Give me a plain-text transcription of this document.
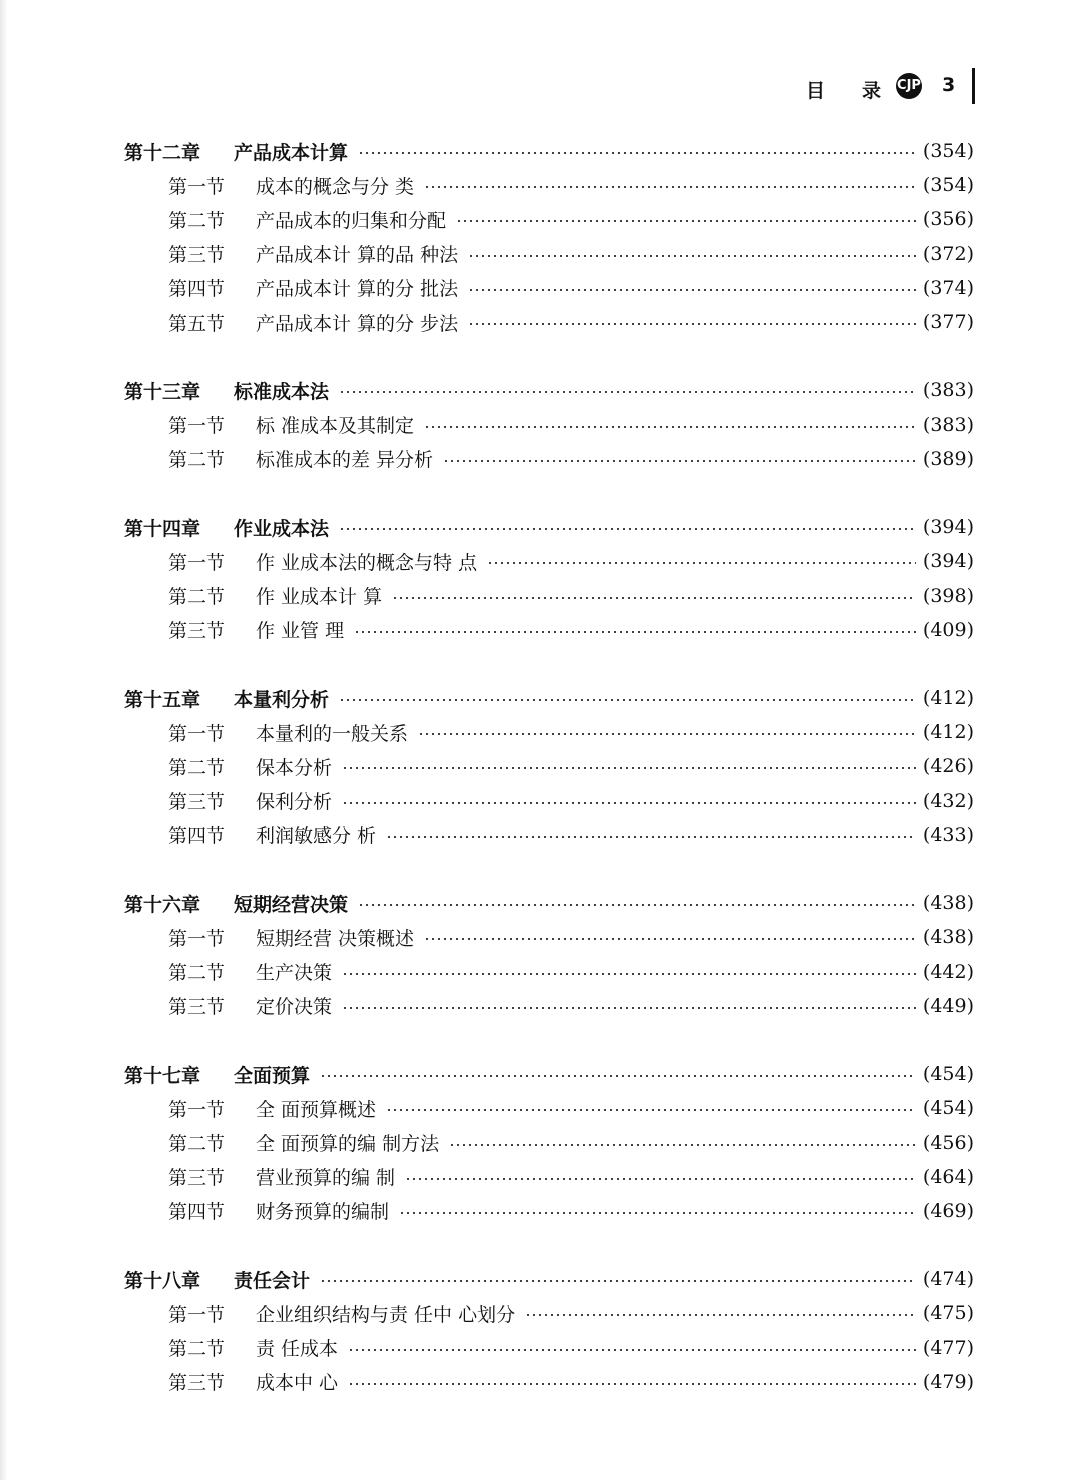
目 录 CJP 3
第十二章	产品成本计算	(354)
第一节	成本的概念与分 类	(354)
第二节	产品成本的归集和分配	(356)
第三节	产品成本计 算的品 种法	(372)
第四节	产品成本计 算的分 批法	(374)
第五节	产品成本计 算的分 步法	(377)
第十三章	标准成本法	(383)
第一节	标 准成本及其制定	(383)
第二节	标准成本的差 异分析	(389)
第十四章	作业成本法	(394)
第一节	作 业成本法的概念与特 点	(394)
第二节	作 业成本计 算	(398)
第三节	作 业管 理	(409)
第十五章	本量利分析	(412)
第一节	本量利的一般关系	(412)
第二节	保本分析	(426)
第三节	保利分析	(432)
第四节	利润敏感分 析	(433)
第十六章	短期经营决策	(438)
第一节	短期经营 决策概述	(438)
第二节	生产决策	(442)
第三节	定价决策	(449)
第十七章	全面预算	(454)
第一节	全 面预算概述	(454)
第二节	全 面预算的编 制方法	(456)
第三节	营业预算的编 制	(464)
第四节	财务预算的编制	(469)
第十八章	责任会计	(474)
第一节	企业组织结构与责 任中 心划分	(475)
第二节	责 任成本	(477)
第三节	成本中 心	(479)
